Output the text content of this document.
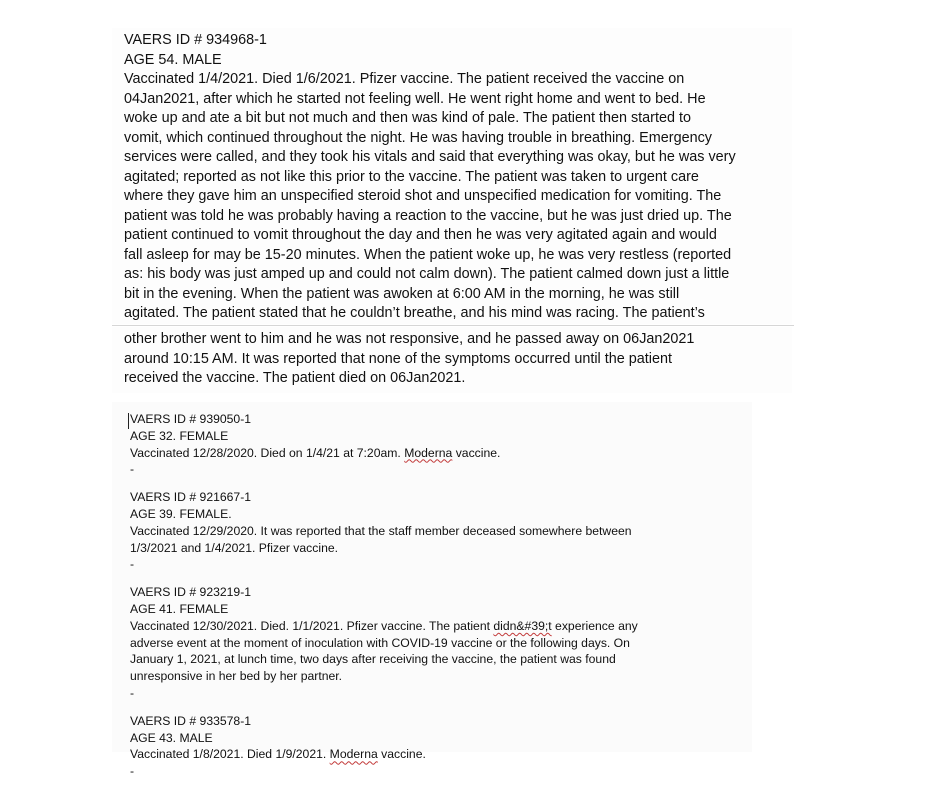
VAERS ID # 934968-1
AGE 54. MALE
Vaccinated 1/4/2021. Died 1/6/2021. Pfizer vaccine. The patient received the vaccine on
04Jan2021, after which he started not feeling well. He went right home and went to bed. He
woke up and ate a bit but not much and then was kind of pale. The patient then started to
vomit, which continued throughout the night. He was having trouble in breathing. Emergency
services were called, and they took his vitals and said that everything was okay, but he was very
agitated; reported as not like this prior to the vaccine. The patient was taken to urgent care
where they gave him an unspecified steroid shot and unspecified medication for vomiting. The
patient was told he was probably having a reaction to the vaccine, but he was just dried up. The
patient continued to vomit throughout the day and then he was very agitated again and would
fall asleep for may be 15-20 minutes. When the patient woke up, he was very restless (reported
as: his body was just amped up and could not calm down). The patient calmed down just a little
bit in the evening. When the patient was awoken at 6:00 AM in the morning, he was still
agitated. The patient stated that he couldn’t breathe, and his mind was racing. The patient’s
other brother went to him and he was not responsive, and he passed away on 06Jan2021
around 10:15 AM. It was reported that none of the symptoms occurred until the patient
received the vaccine. The patient died on 06Jan2021.
VAERS ID # 939050-1
AGE 32. FEMALE
Vaccinated 12/28/2020. Died on 1/4/21 at 7:20am. Moderna vaccine.
-
VAERS ID # 921667-1
AGE 39. FEMALE.
Vaccinated 12/29/2020. It was reported that the staff member deceased somewhere between
1/3/2021 and 1/4/2021. Pfizer vaccine.
-
VAERS ID # 923219-1
AGE 41. FEMALE
Vaccinated 12/30/2021. Died. 1/1/2021. Pfizer vaccine. The patient didn&#39;t experience any
adverse event at the moment of inoculation with COVID-19 vaccine or the following days. On
January 1, 2021, at lunch time, two days after receiving the vaccine, the patient was found
unresponsive in her bed by her partner.
-
VAERS ID # 933578-1
AGE 43. MALE
Vaccinated 1/8/2021. Died 1/9/2021. Moderna vaccine.
-
